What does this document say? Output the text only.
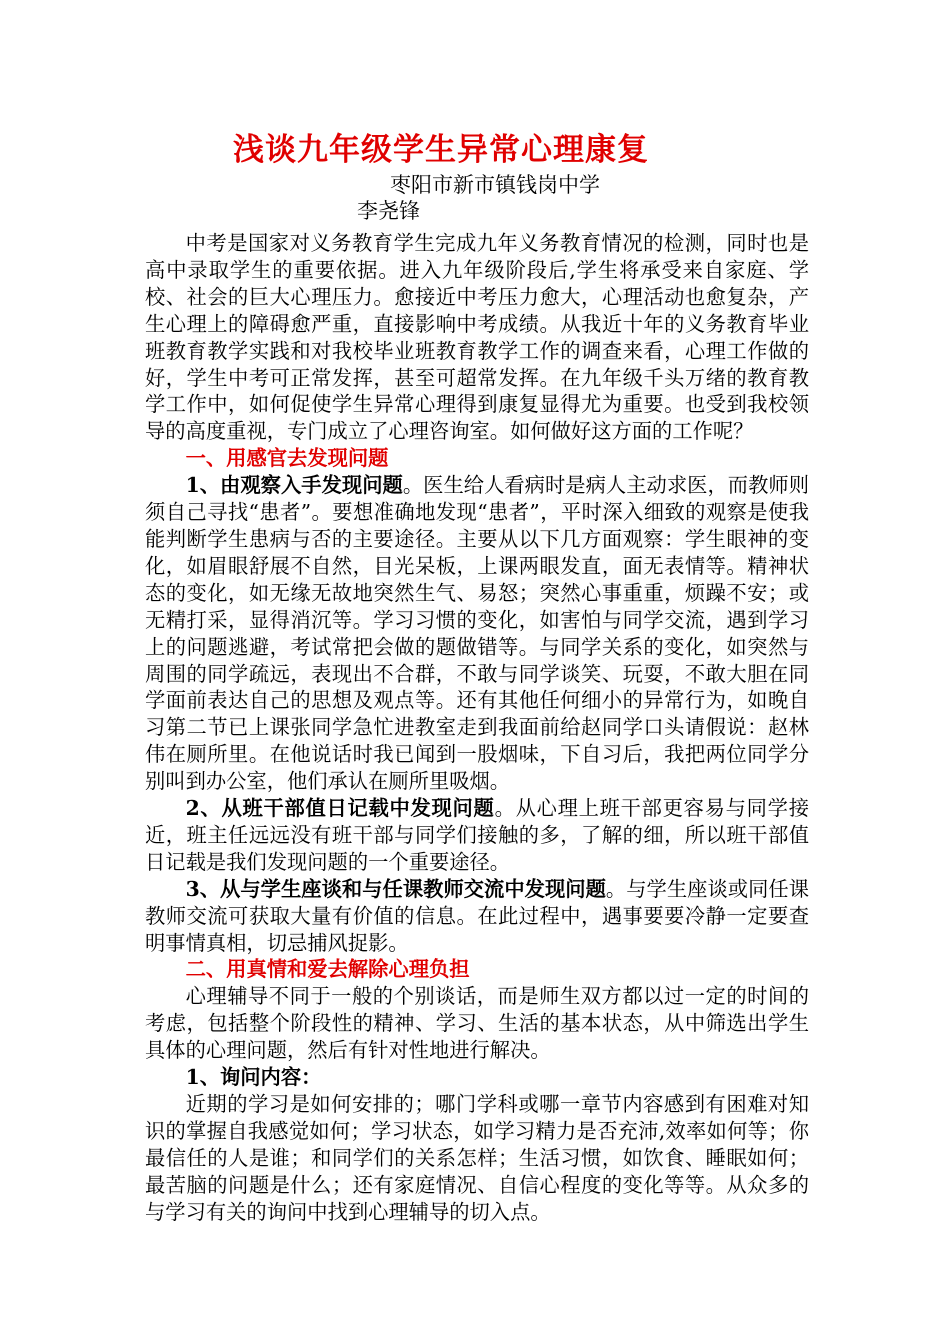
浅谈九年级学生异常心理康复
枣阳市新市镇钱岗中学
李尧锋

中考是国家对义务教育学生完成九年义务教育情况的检测，同时也是高中录取学生的重要依据。进入九年级阶段后,学生将承受来自家庭、学校、社会的巨大心理压力。愈接近中考压力愈大，心理活动也愈复杂，产生心理上的障碍愈严重，直接影响中考成绩。从我近十年的义务教育毕业班教育教学实践和对我校毕业班教育教学工作的调查来看，心理工作做的好，学生中考可正常发挥，甚至可超常发挥。在九年级千头万绪的教育教学工作中，如何促使学生异常心理得到康复显得尤为重要。也受到我校领导的高度重视，专门成立了心理咨询室。如何做好这方面的工作呢？

一、用感官去发现问题

1、由观察入手发现问题。医生给人看病时是病人主动求医，而教师则须自己寻找“患者”。要想准确地发现“患者”，平时深入细致的观察是使我能判断学生患病与否的主要途径。主要从以下几方面观察：学生眼神的变化，如眉眼舒展不自然，目光呆板，上课两眼发直，面无表情等。精神状态的变化，如无缘无故地突然生气、易怒；突然心事重重，烦躁不安；或无精打采，显得消沉等。学习习惯的变化，如害怕与同学交流，遇到学习上的问题逃避，考试常把会做的题做错等。与同学关系的变化，如突然与周围的同学疏远，表现出不合群，不敢与同学谈笑、玩耍，不敢大胆在同学面前表达自己的思想及观点等。还有其他任何细小的异常行为，如晚自习第二节已上课张同学急忙进教室走到我面前给赵同学口头请假说：赵林伟在厕所里。在他说话时我已闻到一股烟味，下自习后，我把两位同学分别叫到办公室，他们承认在厕所里吸烟。

2、从班干部值日记载中发现问题。从心理上班干部更容易与同学接近，班主任远远没有班干部与同学们接触的多，了解的细，所以班干部值日记载是我们发现问题的一个重要途径。

3、从与学生座谈和与任课教师交流中发现问题。与学生座谈或同任课教师交流可获取大量有价值的信息。在此过程中，遇事要要冷静一定要查明事情真相，切忌捕风捉影。

二、用真情和爱去解除心理负担

心理辅导不同于一般的个别谈话，而是师生双方都以过一定的时间的考虑，包括整个阶段性的精神、学习、生活的基本状态，从中筛选出学生具体的心理问题，然后有针对性地进行解决。

1、询问内容：

近期的学习是如何安排的；哪门学科或哪一章节内容感到有困难对知识的掌握自我感觉如何；学习状态，如学习精力是否充沛,效率如何等；你最信任的人是谁；和同学们的关系怎样；生活习惯，如饮食、睡眠如何；最苦脑的问题是什么；还有家庭情况、自信心程度的变化等等。从众多的与学习有关的询问中找到心理辅导的切入点。
